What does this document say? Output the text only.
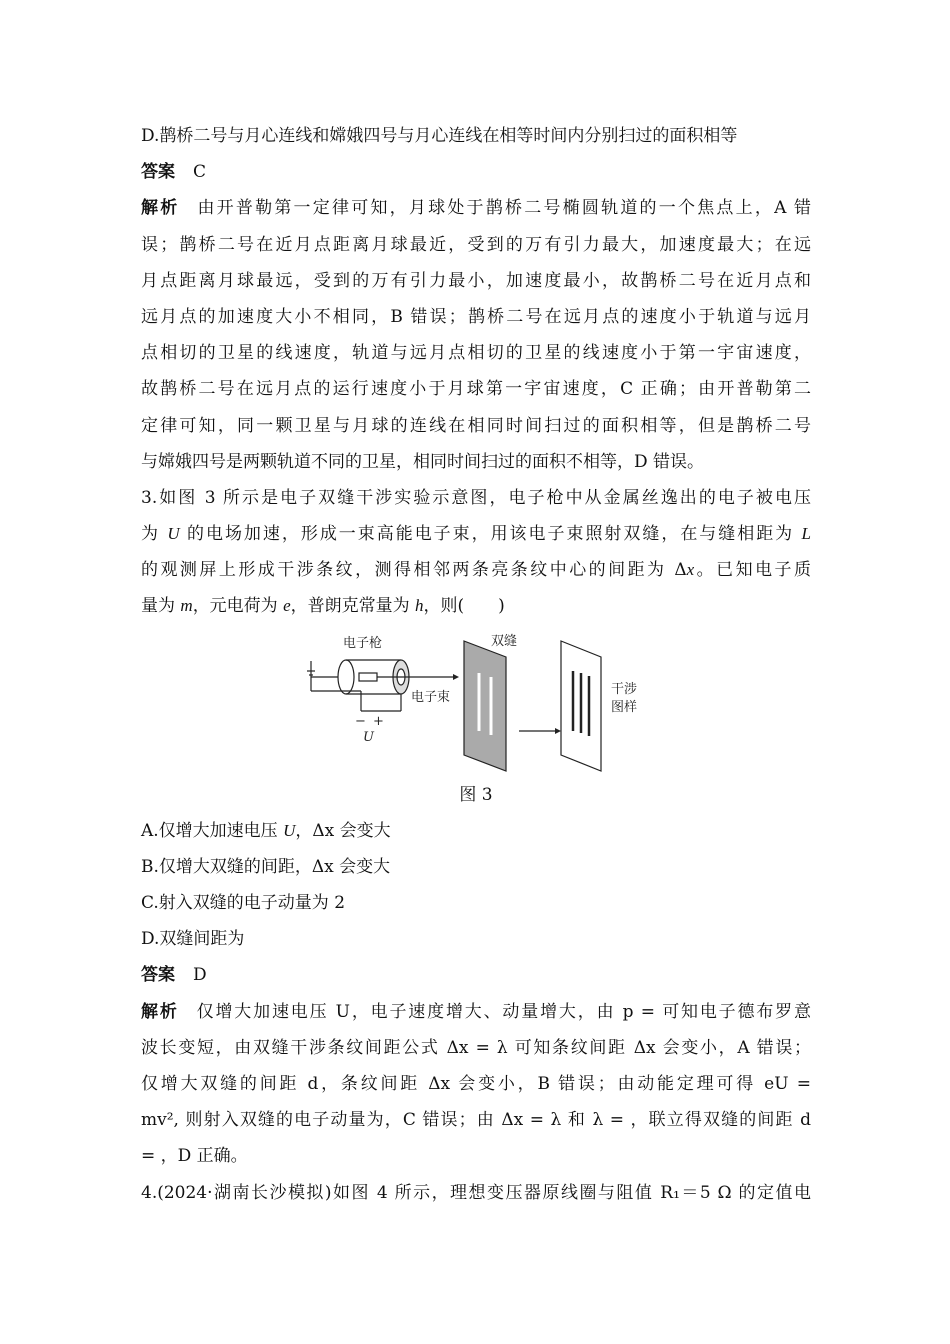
D.鹊桥二号与月心连线和嫦娥四号与月心连线在相等时间内分别扫过的面积相等
答案 C
解析 由开普勒第一定律可知，月球处于鹊桥二号椭圆轨道的一个焦点上，A 错
误；鹊桥二号在近月点距离月球最近，受到的万有引力最大，加速度最大；在远
月点距离月球最远，受到的万有引力最小，加速度最小，故鹊桥二号在近月点和
远月点的加速度大小不相同，B 错误；鹊桥二号在远月点的速度小于轨道与远月
点相切的卫星的线速度，轨道与远月点相切的卫星的线速度小于第一宇宙速度，
故鹊桥二号在远月点的运行速度小于月球第一宇宙速度，C 正确；由开普勒第二
定律可知，同一颗卫星与月球的连线在相同时间扫过的面积相等，但是鹊桥二号
与嫦娥四号是两颗轨道不同的卫星，相同时间扫过的面积不相等，D 错误。
3.如图 3 所示是电子双缝干涉实验示意图，电子枪中从金属丝逸出的电子被电压
为 U 的电场加速，形成一束高能电子束，用该电子束照射双缝，在与缝相距为 L
的观测屏上形成干涉条纹，测得相邻两条亮条纹中心的间距为 Δx。已知电子质
量为 m，元电荷为 e，普朗克常量为 h，则(　　)
电子枪
电子束
− +
U
双缝
干涉
图样
图 3
A.仅增大加速电压 U，Δx 会变大
B.仅增大双缝的间距，Δx 会变大
C.射入双缝的电子动量为 2
D.双缝间距为
答案 D
解析 仅增大加速电压 U，电子速度增大、动量增大，由 p = 可知电子德布罗意
波长变短，由双缝干涉条纹间距公式 Δx = λ 可知条纹间距 Δx 会变小，A 错误；
仅增大双缝的间距 d，条纹间距 Δx 会变小，B 错误；由动能定理可得 eU =
mv², 则射入双缝的电子动量为，C 错误；由 Δx = λ 和 λ = ，联立得双缝的间距 d
= ，D 正确。
4.(2024·湖南长沙模拟)如图 4 所示，理想变压器原线圈与阻值 R₁＝5 Ω 的定值电
